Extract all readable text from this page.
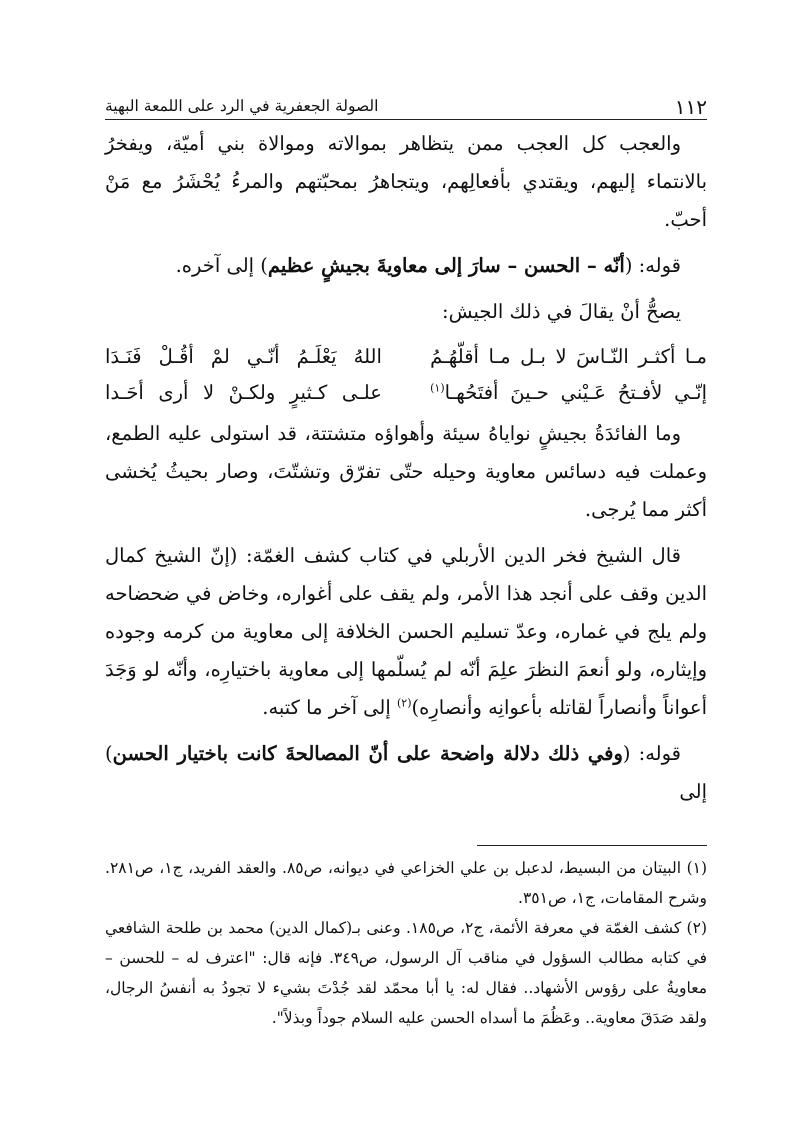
١١٢
الصولة الجعفرية في الرد على اللمعة البهية

والعجب كل العجب ممن يتظاهر بموالاته وموالاة بني أميّة، ويفخرُ بالانتماء إليهم، ويقتدي بأفعالِهم، ويتجاهرُ بمحبّتهم والمرءُ يُحْشَرُ مع مَنْ أحبّ.

قوله: (أنّه – الحسن – سارَ إلى معاويةَ بجيشٍ عظيم) إلى آخره.

يصحُّ أنْ يقالَ في ذلك الجيش:

مـا أكثـر النّـاسَ لا بـل مـا أقلّهُـمُ
اللهُ يَعْلَـمُ أنّـي لمْ أقُـلْ فَنَـدَا
إنّـي لأفـتحُ عَـيْني حـينَ أفتَحُهـا$^{(١)}$
علـى كـثيرٍ ولكـنْ لا أرى أحَـدا

وما الفائدَةُ بجيشٍ نواياهُ سيئة وأهواؤه متشتتة، قد استولى عليه الطمع، وعملت فيه دسائس معاوية وحيله حتّى تفرّق وتشتّتَ، وصار بحيثُ يُخشى أكثر مما يُرجى.

قال الشيخ فخر الدين الأربلي في كتاب كشف الغمّة: (إنّ الشيخ كمال الدين وقف على أنجد هذا الأمر، ولم يقف على أغواره، وخاض في ضحضاحه ولم يلج في غماره، وعدّ تسليم الحسن الخلافة إلى معاوية من كرمه وجوده وإيثاره، ولو أنعمَ النظرَ علِمَ أنّه لم يُسلّمها إلى معاوية باختيارِه، وأنّه لو وَجَدَ أعواناً وأنصاراً لقاتله بأعوانِه وأنصارِه)$^{(٢)}$ إلى آخر ما كتبه.

قوله: (وفي ذلك دلالة واضحة على أنّ المصالحةَ كانت باختيار الحسن) إلى

(١) البيتان من البسيط، لدعبل بن علي الخزاعي في ديوانه، ص٨٥. والعقد الفريد، ج١، ص٢٨١. وشرح المقامات، ج١، ص٣٥١.

(٢) كشف الغمّة في معرفة الأئمة، ج٢، ص١٨٥. وعنى بـ(كمال الدين) محمد بن طلحة الشافعي في كتابه مطالب السؤول في مناقب آل الرسول، ص٣٤٩. فإنه قال: "اعترف له – للحسن – معاويةُ على رؤوس الأشهاد.. فقال له: يا أبا محمّد لقد جُدْتَ بشيء لا تجودُ به أنفسُ الرجال، ولقد صَدَقَ معاوية.. وعَظُمَ ما أسداه الحسن عليه السلام جوداً وبذلاً".
